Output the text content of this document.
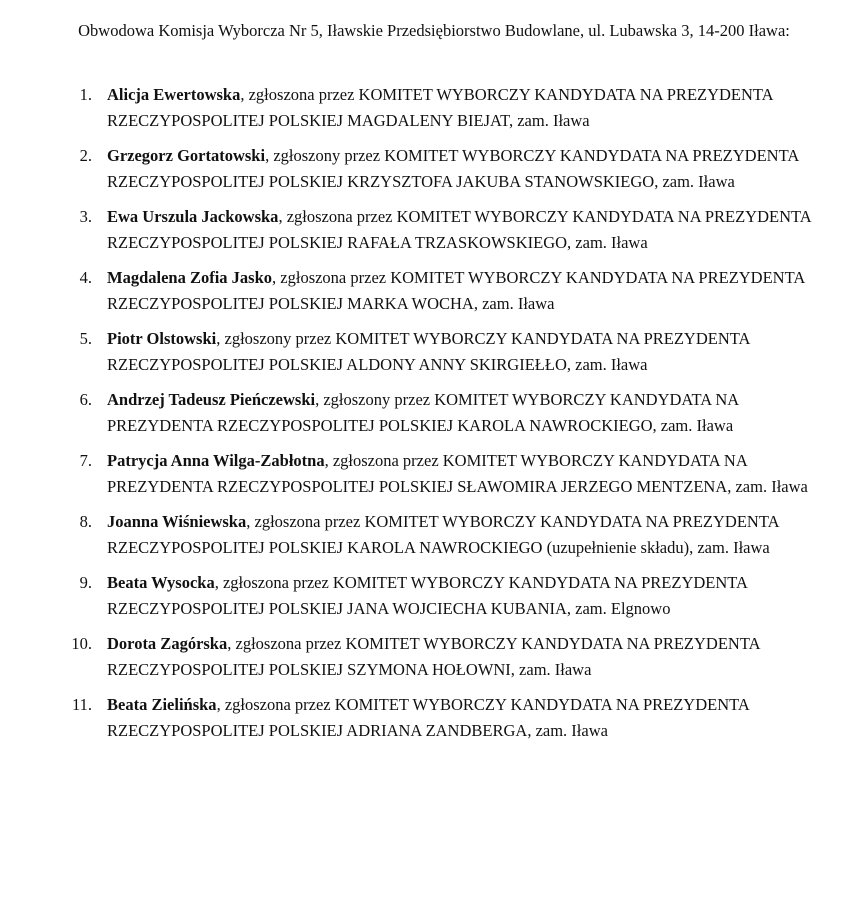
Obwodowa Komisja Wyborcza Nr 5, Iławskie Przedsiębiorstwo Budowlane, ul. Lubawska 3, 14-200 Iława:
1. Alicja Ewertowska, zgłoszona przez KOMITET WYBORCZY KANDYDATA NA PREZYDENTA RZECZYPOSPOLITEJ POLSKIEJ MAGDALENY BIEJAT, zam. Iława
2. Grzegorz Gortatowski, zgłoszony przez KOMITET WYBORCZY KANDYDATA NA PREZYDENTA RZECZYPOSPOLITEJ POLSKIEJ KRZYSZTOFA JAKUBA STANOWSKIEGO, zam. Iława
3. Ewa Urszula Jackowska, zgłoszona przez KOMITET WYBORCZY KANDYDATA NA PREZYDENTA RZECZYPOSPOLITEJ POLSKIEJ RAFAŁA TRZASKOWSKIEGO, zam. Iława
4. Magdalena Zofia Jasko, zgłoszona przez KOMITET WYBORCZY KANDYDATA NA PREZYDENTA RZECZYPOSPOLITEJ POLSKIEJ MARKA WOCHA, zam. Iława
5. Piotr Olstowski, zgłoszony przez KOMITET WYBORCZY KANDYDATA NA PREZYDENTA RZECZYPOSPOLITEJ POLSKIEJ ALDONY ANNY SKIRGIEŁŁO, zam. Iława
6. Andrzej Tadeusz Pieńczewski, zgłoszony przez KOMITET WYBORCZY KANDYDATA NA PREZYDENTA RZECZYPOSPOLITEJ POLSKIEJ KAROLA NAWROCKIEGO, zam. Iława
7. Patrycja Anna Wilga-Zabłotna, zgłoszona przez KOMITET WYBORCZY KANDYDATA NA PREZYDENTA RZECZYPOSPOLITEJ POLSKIEJ SŁAWOMIRA JERZEGO MENTZENA, zam. Iława
8. Joanna Wiśniewska, zgłoszona przez KOMITET WYBORCZY KANDYDATA NA PREZYDENTA RZECZYPOSPOLITEJ POLSKIEJ KAROLA NAWROCKIEGO (uzupełnienie składu), zam. Iława
9. Beata Wysocka, zgłoszona przez KOMITET WYBORCZY KANDYDATA NA PREZYDENTA RZECZYPOSPOLITEJ POLSKIEJ JANA WOJCIECHA KUBANIA, zam. Elgnowo
10. Dorota Zagórska, zgłoszona przez KOMITET WYBORCZY KANDYDATA NA PREZYDENTA RZECZYPOSPOLITEJ POLSKIEJ SZYMONA HOŁOWNI, zam. Iława
11. Beata Zielińska, zgłoszona przez KOMITET WYBORCZY KANDYDATA NA PREZYDENTA RZECZYPOSPOLITEJ POLSKIEJ ADRIANA ZANDBERGA, zam. Iława
